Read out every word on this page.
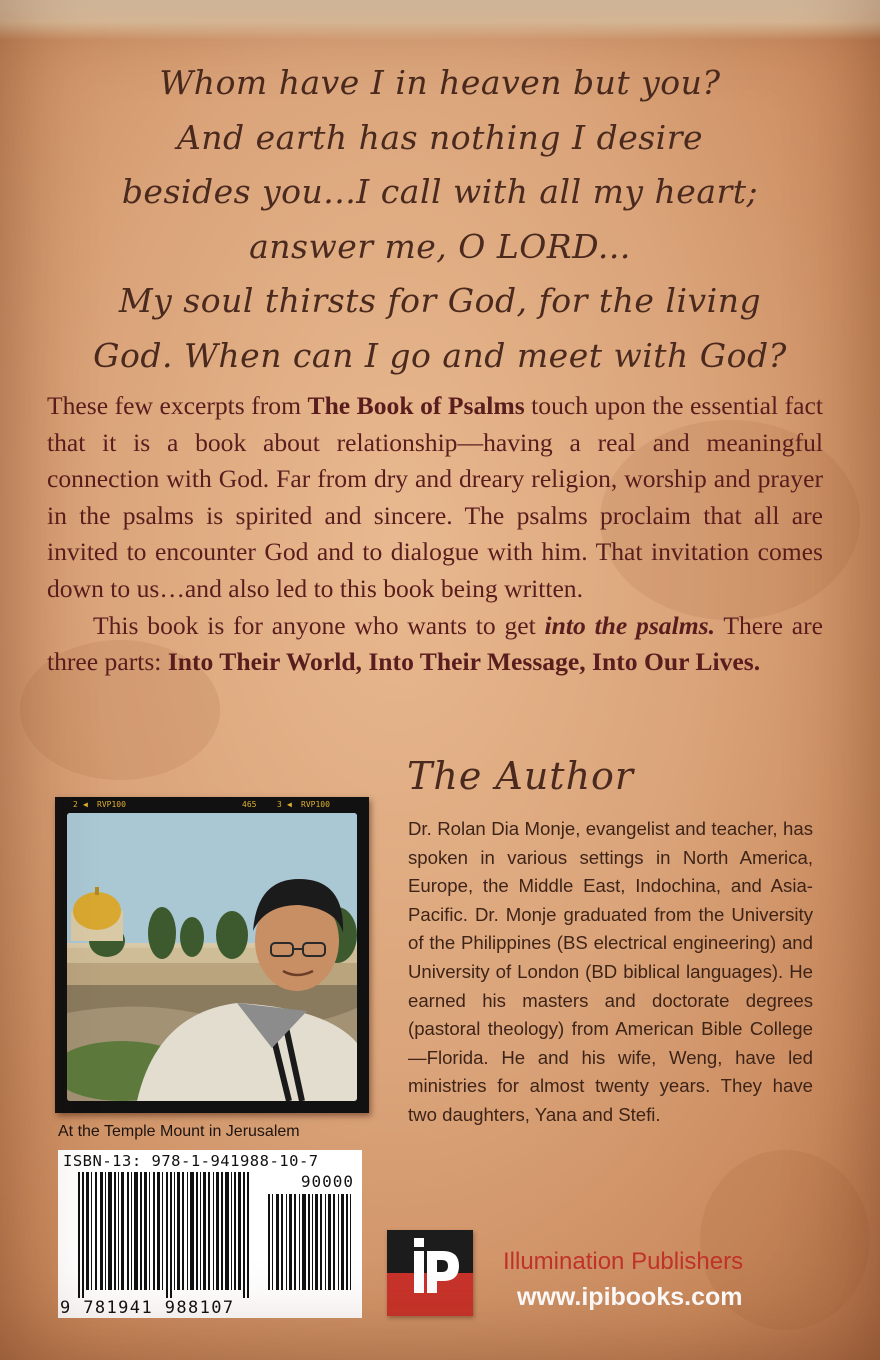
Whom have I in heaven but you?
And earth has nothing I desire
besides you...I call with all my heart;
answer me, O LORD...
My soul thirsts for God, for the living
God. When can I go and meet with God?

These few excerpts from The Book of Psalms touch upon the essential fact that it is a book about relationship—having a real and meaningful connection with God. Far from dry and dreary religion, worship and prayer in the psalms is spirited and sincere. The psalms proclaim that all are invited to encounter God and to dialogue with him. That invitation comes down to us…and also led to this book being written.

This book is for anyone who wants to get into the psalms. There are three parts: Into Their World, Into Their Message, Into Our Lives.

The Author
Dr. Rolan Dia Monje, evangelist and teacher, has spoken in various settings in North America, Europe, the Middle East, Indochina, and Asia-Pacific. Dr. Monje graduated from the University of the Philippines (BS electrical engineering) and University of London (BD biblical languages). He earned his masters and doctorate degrees (pastoral theology) from American Bible College—Florida. He and his wife, Weng, have led ministries for almost twenty years. They have two daughters, Yana and Stefi.
2 ◀ RVP100	465	3 ◀ RVP100
At the Temple Mount in Jerusalem
ISBN-13: 978-1-941988-10-7
90000
9 781941 988107
Illumination Publishers
www.ipibooks.com
